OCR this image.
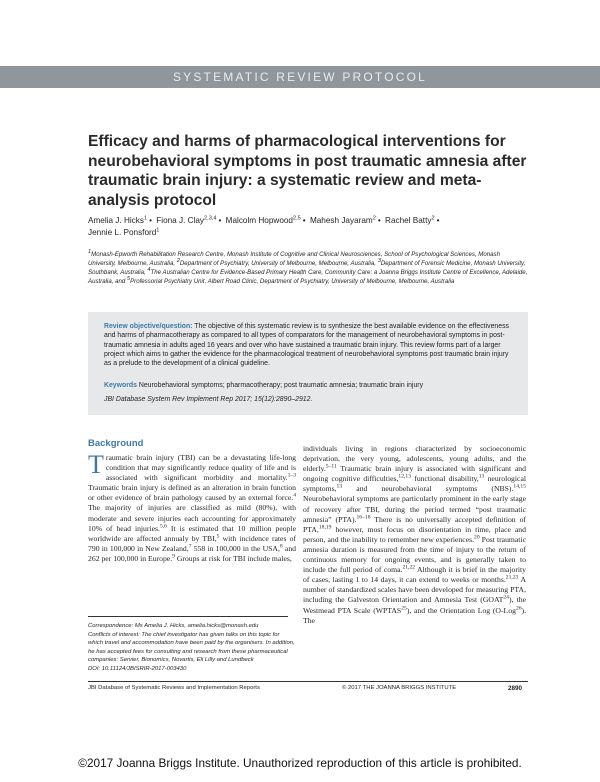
SYSTEMATIC REVIEW PROTOCOL
Efficacy and harms of pharmacological interventions for neurobehavioral symptoms in post traumatic amnesia after traumatic brain injury: a systematic review and meta-analysis protocol
Amelia J. Hicks$^1$ • Fiona J. Clay$^{2,3,4}$ • Malcolm Hopwood$^{2,5}$ • Mahesh Jayaram$^2$ • Rachel Batty$^2$ •
Jennie L. Ponsford$^1$
$^1$Monash-Epworth Rehabilitation Research Centre, Monash Institute of Cognitive and Clinical Neurosciences, School of Psychological Sciences, Monash University, Melbourne, Australia, $^2$Department of Psychiatry, University of Melbourne, Melbourne, Australia, $^3$Department of Forensic Medicine, Monash University, Southbank, Australia, $^4$The Australian Centre for Evidence-Based Primary Health Care, Community Care: a Joanna Briggs Institute Centre of Excellence, Adelaide, Australia, and $^5$Professorial Psychiatry Unit, Albert Road Clinic, Department of Psychiatry, University of Melbourne, Melbourne, Australia
Review objective/question: The objective of this systematic review is to synthesize the best available evidence on the effectiveness and harms of pharmacotherapy as compared to all types of comparators for the management of neurobehavioral symptoms in post-traumatic amnesia in adults aged 16 years and over who have sustained a traumatic brain injury. This review forms part of a larger project which aims to gather the evidence for the pharmacological treatment of neurobehavioral symptoms post traumatic brain injury as a prelude to the development of a clinical guideline.
Keywords Neurobehavioral symptoms; pharmacotherapy; post traumatic amnesia; traumatic brain injury
JBI Database System Rev Implement Rep 2017; 15(12):2890–2912.
Background
Traumatic brain injury (TBI) can be a devastating life-long condition that may significantly reduce quality of life and is associated with significant morbidity and mortality.$^{1-3}$ Traumatic brain injury is defined as an alteration in brain function or other evidence of brain pathology caused by an external force.$^4$ The majority of injuries are classified as mild (80%), with moderate and severe injuries each accounting for approximately 10% of head injuries.$^{5,6}$ It is estimated that 10 million people worldwide are affected annualy by TBI,$^5$ with incidence rates of 790 in 100,000 in New Zealand,$^7$ 558 in 100,000 in the USA,$^8$ and 262 per 100,000 in Europe.$^9$ Groups at risk for TBI include males,
individuals living in regions characterized by socioeconomic deprivation, the very young, adolescents, young adults, and the elderly.$^{5-11}$ Traumatic brain injury is associated with significant and ongoing cognitive difficulties,$^{12,13}$ functional disability,$^{13}$ neurological symptoms,$^{13}$ and neurobehavioral symptoms (NBS).$^{14,15}$ Neurobehavioral symptoms are particularly prominent in the early stage of recovery after TBI, during the period termed “post traumatic amnesia” (PTA).$^{16-18}$ There is no universally accepted definition of PTA,$^{18,19}$ however, most focus on disorientation in time, place and person, and the inability to remember new experiences.$^{20}$ Post traumatic amnesia duration is measured from the time of injury to the return of continuous memory for ongoing events, and is generally taken to include the full period of coma.$^{21,22}$ Although it is brief in the majority of cases, lasting 1 to 14 days, it can extend to weeks or months.$^{21,23}$ A number of standardized scales have been developed for measuring PTA, including the Galveston Orientation and Amnesia Test (GOAT$^{24}$), the Westmead PTA Scale (WPTAS$^{25}$), and the Orientation Log (O-Log$^{26}$). The
Correspondence: Ms Amelia J. Hicks, amelia.hicks@monash.edu
Conflicts of interest: The chief investigator has given talks on this topic for which travel and accommodation have been paid by the organisers. In addition, he has accepted fees for consulting and research from these pharmaceutical companies: Servier, Bionomics, Novartis, Eli Lilly and Lundbeck
DOI: 10.11124/JBISRIR-2017-003430
JBI Database of Systematic Reviews and Implementation Reports	© 2017 THE JOANNA BRIGGS INSTITUTE	2890
©2017 Joanna Briggs Institute. Unauthorized reproduction of this article is prohibited.
